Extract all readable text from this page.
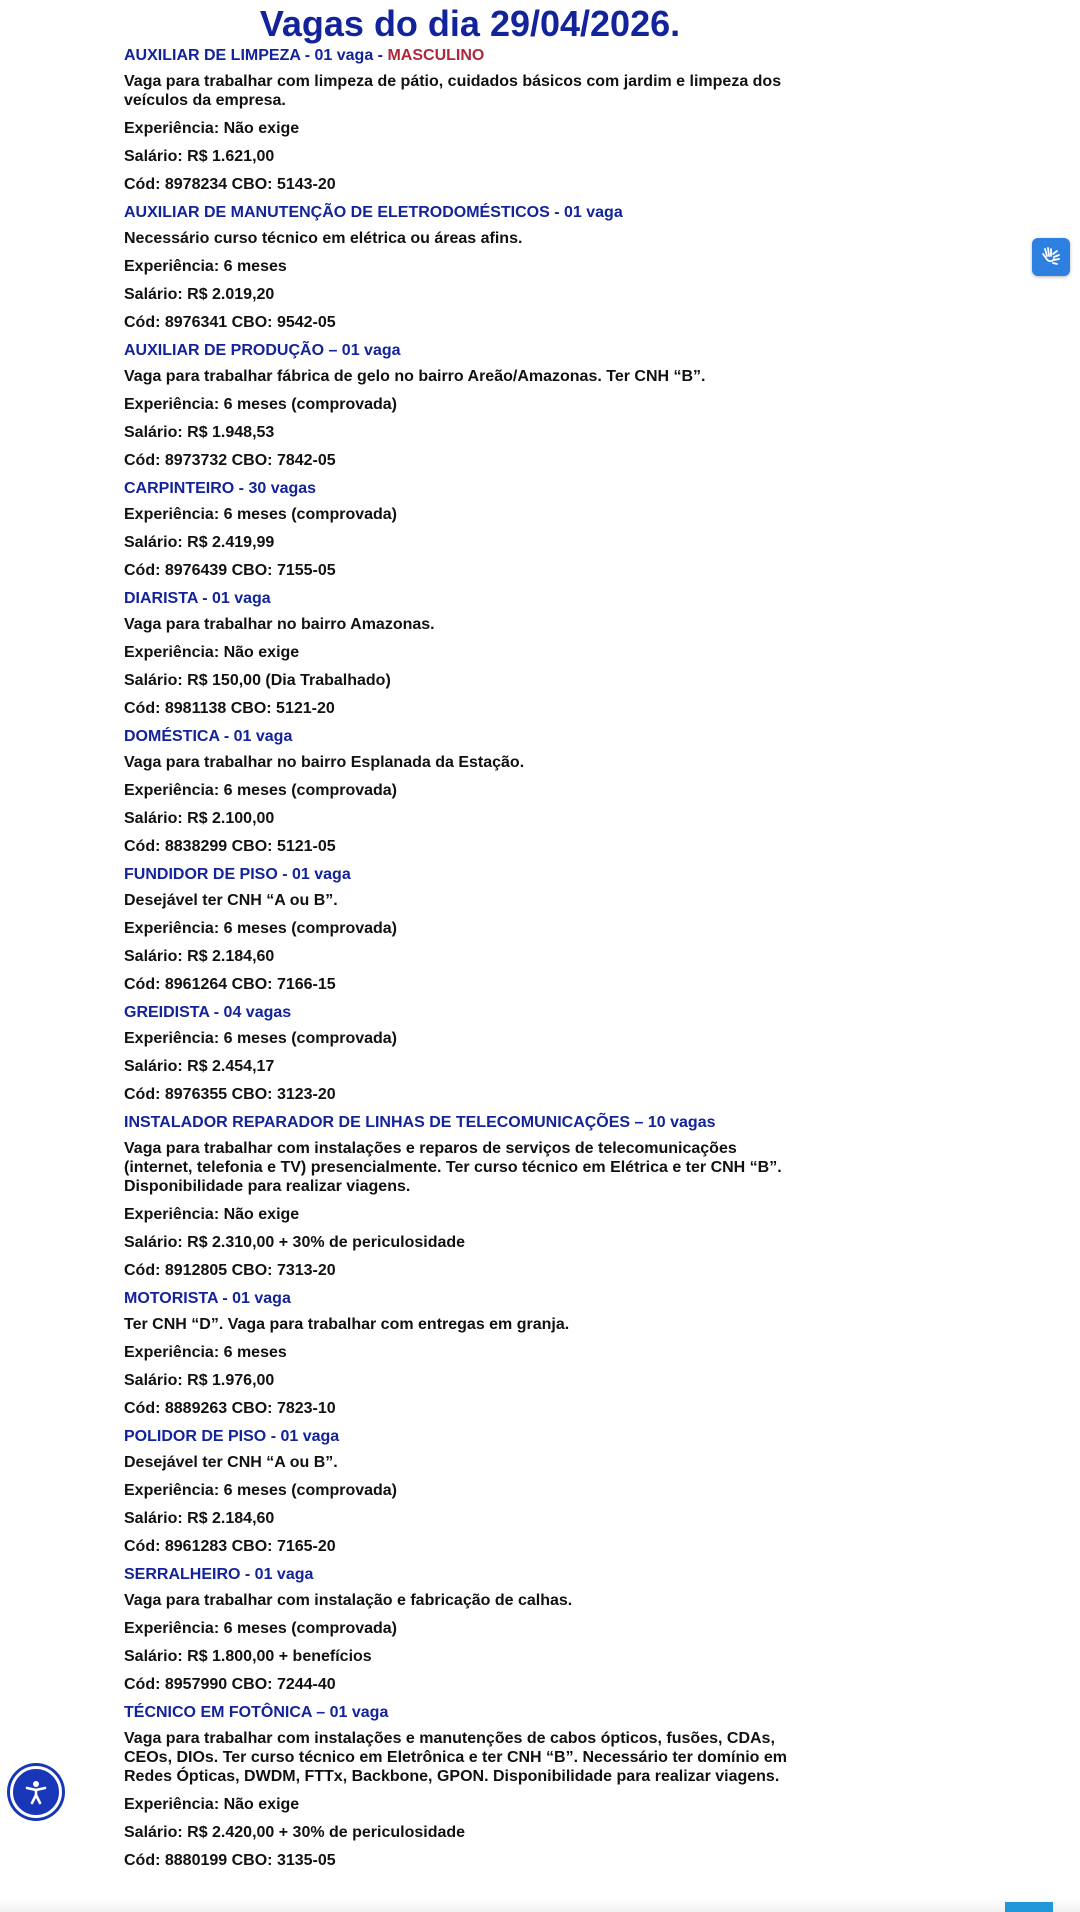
Vagas do dia 29/04/2026.
AUXILIAR DE LIMPEZA - 01 vaga - MASCULINO
Vaga para trabalhar com limpeza de pátio, cuidados básicos com jardim e limpeza dos veículos da empresa.
Experiência: Não exige
Salário: R$ 1.621,00
Cód: 8978234 CBO: 5143-20
AUXILIAR DE MANUTENÇÃO DE ELETRODOMÉSTICOS - 01 vaga
Necessário curso técnico em elétrica ou áreas afins.
Experiência: 6 meses
Salário: R$ 2.019,20
Cód: 8976341 CBO: 9542-05
AUXILIAR DE PRODUÇÃO – 01 vaga
Vaga para trabalhar fábrica de gelo no bairro Areão/Amazonas. Ter CNH “B”.
Experiência: 6 meses (comprovada)
Salário: R$ 1.948,53
Cód: 8973732 CBO: 7842-05
CARPINTEIRO - 30 vagas
Experiência: 6 meses (comprovada)
Salário: R$ 2.419,99
Cód: 8976439 CBO: 7155-05
DIARISTA - 01 vaga
Vaga para trabalhar no bairro Amazonas.
Experiência: Não exige
Salário: R$ 150,00 (Dia Trabalhado)
Cód: 8981138 CBO: 5121-20
DOMÉSTICA - 01 vaga
Vaga para trabalhar no bairro Esplanada da Estação.
Experiência: 6 meses (comprovada)
Salário: R$ 2.100,00
Cód: 8838299 CBO: 5121-05
FUNDIDOR DE PISO - 01 vaga
Desejável ter CNH “A ou B”.
Experiência: 6 meses (comprovada)
Salário: R$ 2.184,60
Cód: 8961264 CBO: 7166-15
GREIDISTA - 04 vagas
Experiência: 6 meses (comprovada)
Salário: R$ 2.454,17
Cód: 8976355 CBO: 3123-20
INSTALADOR REPARADOR DE LINHAS DE TELECOMUNICAÇÕES – 10 vagas
Vaga para trabalhar com instalações e reparos de serviços de telecomunicações (internet, telefonia e TV) presencialmente. Ter curso técnico em Elétrica e ter CNH “B”. Disponibilidade para realizar viagens.
Experiência: Não exige
Salário: R$ 2.310,00 + 30% de periculosidade
Cód: 8912805 CBO: 7313-20
MOTORISTA - 01 vaga
Ter CNH “D”. Vaga para trabalhar com entregas em granja.
Experiência: 6 meses
Salário: R$ 1.976,00
Cód: 8889263 CBO: 7823-10
POLIDOR DE PISO - 01 vaga
Desejável ter CNH “A ou B”.
Experiência: 6 meses (comprovada)
Salário: R$ 2.184,60
Cód: 8961283 CBO: 7165-20
SERRALHEIRO - 01 vaga
Vaga para trabalhar com instalação e fabricação de calhas.
Experiência: 6 meses (comprovada)
Salário: R$ 1.800,00 + benefícios
Cód: 8957990 CBO: 7244-40
TÉCNICO EM FOTÔNICA – 01 vaga
Vaga para trabalhar com instalações e manutenções de cabos ópticos, fusões, CDAs, CEOs, DIOs. Ter curso técnico em Eletrônica e ter CNH “B”. Necessário ter domínio em Redes Ópticas, DWDM, FTTx, Backbone, GPON. Disponibilidade para realizar viagens.
Experiência: Não exige
Salário: R$ 2.420,00 + 30% de periculosidade
Cód: 8880199 CBO: 3135-05
